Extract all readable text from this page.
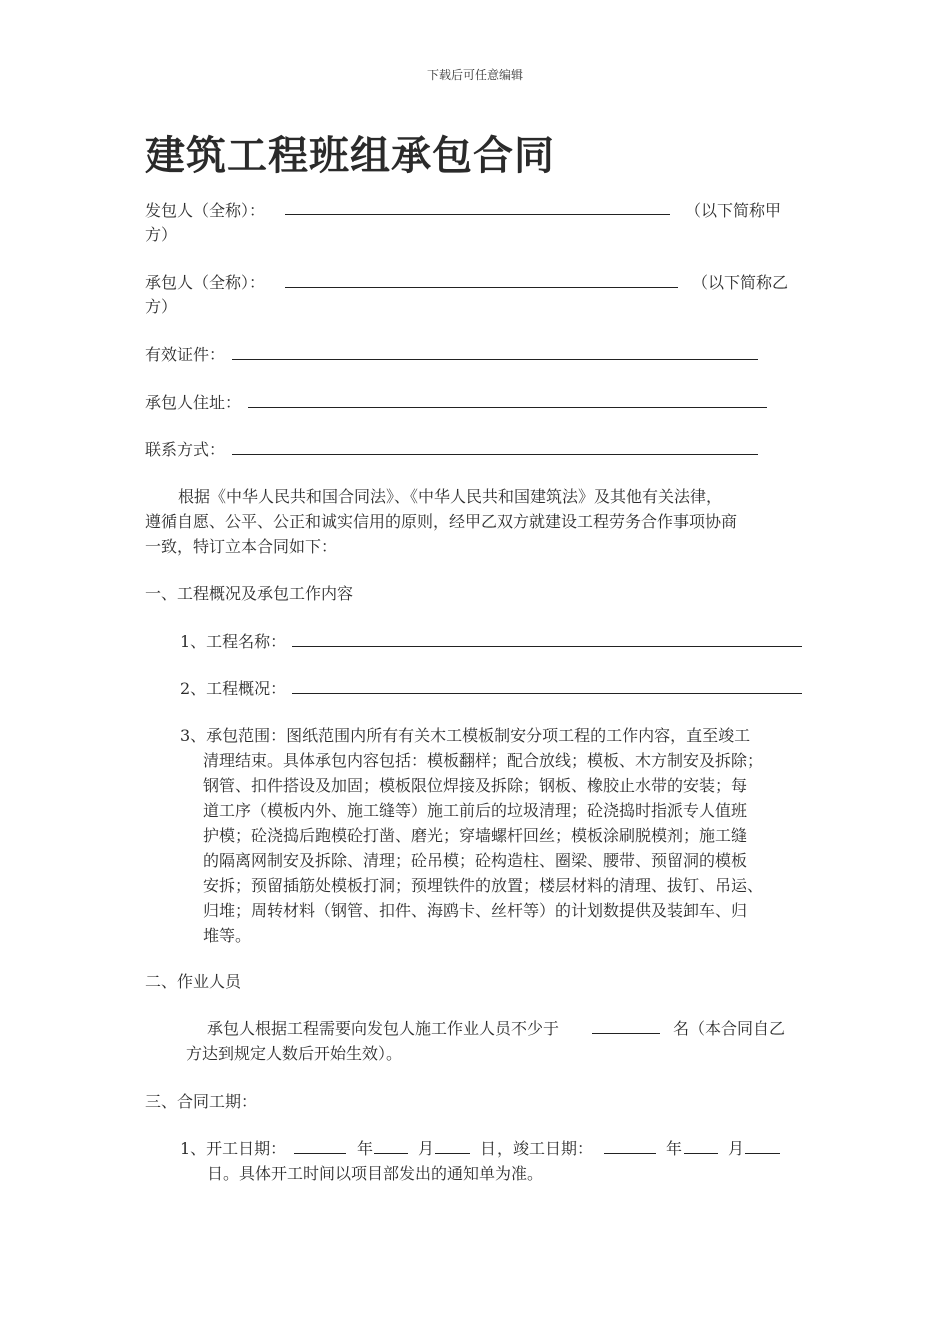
下载后可任意编辑
建筑工程班组承包合同
发包人（全称）：	（以下简称甲
方）
承包人（全称）：	（以下简称乙
方）
有效证件：
承包人住址：
联系方式：
根据《中华人民共和国合同法》、《中华人民共和国建筑法》及其他有关法律，
遵循自愿、公平、公正和诚实信用的原则，经甲乙双方就建设工程劳务合作事项协商
一致，特订立本合同如下：
一、工程概况及承包工作内容
1、工程名称：
2、工程概况：
3、承包范围：图纸范围内所有有关木工模板制安分项工程的工作内容，直至竣工
清理结束。具体承包内容包括：模板翻样；配合放线；模板、木方制安及拆除；
钢管、扣件搭设及加固；模板限位焊接及拆除；钢板、橡胶止水带的安装；每
道工序（模板内外、施工缝等）施工前后的垃圾清理；砼浇捣时指派专人值班
护模；砼浇捣后跑模砼打凿、磨光；穿墙螺杆回丝；模板涂刷脱模剂；施工缝
的隔离网制安及拆除、清理；砼吊模；砼构造柱、圈梁、腰带、预留洞的模板
安拆；预留插筋处模板打洞；预埋铁件的放置；楼层材料的清理、拔钉、吊运、
归堆；周转材料（钢管、扣件、海鸥卡、丝杆等）的计划数提供及装卸车、归
堆等。
二、作业人员
承包人根据工程需要向发包人施工作业人员不少于	名（本合同自乙
方达到规定人数后开始生效）。
三、合同工期：
1、开工日期：	年	月	日 ，竣工日期：	年	月
日。具体开工时间以项目部发出的通知单为准。
